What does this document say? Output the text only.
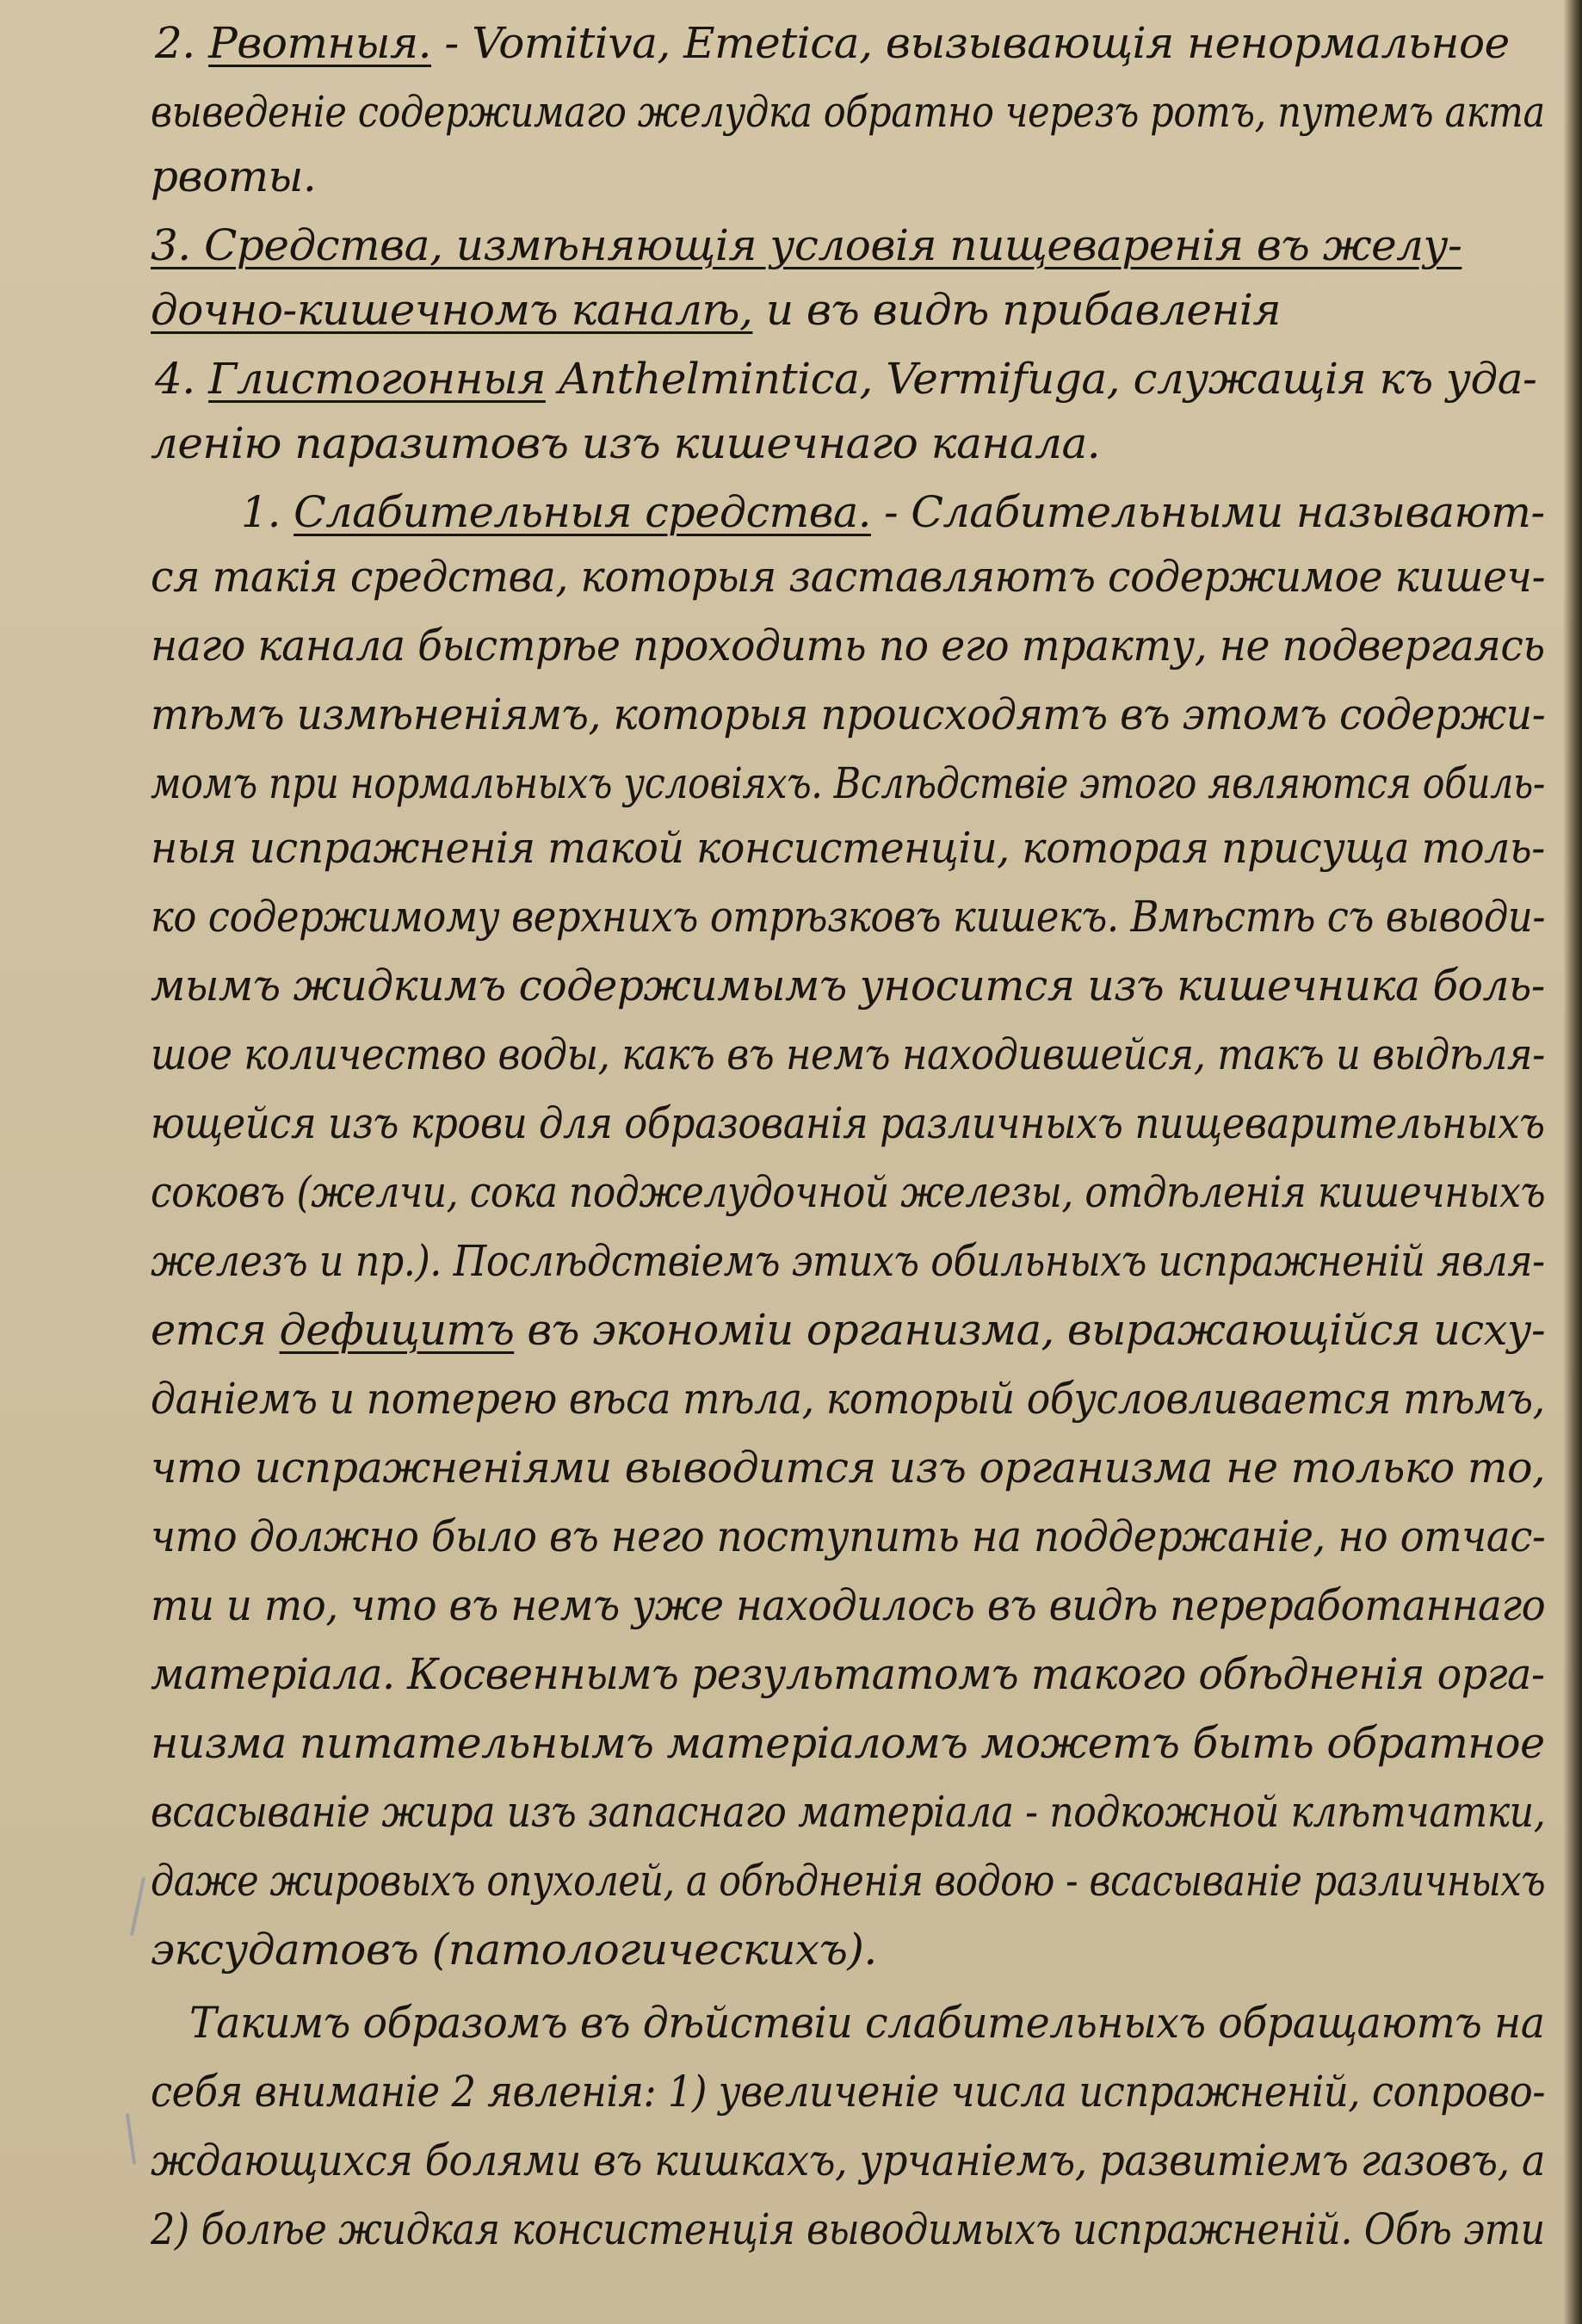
2. Рвотныя. - Vomitiva, Emetica, вызывающiя ненормальное
выведенiе содержимаго желудка обратно черезъ ротъ, путемъ акта
рвоты.
3. Средства, измѣняющiя условiя пищеваренiя въ желу-
дочно-кишечномъ каналѣ, и въ видѣ прибавленiя
4. Глистогонныя Anthelmintica, Vermifuga, служащiя къ уда-
ленiю паразитовъ изъ кишечнаго канала.
1. Слабительныя средства. - Слабительными называют-
ся такiя средства, которыя заставляютъ содержимое кишеч-
наго канала быстрѣе проходить по его тракту, не подвергаясь
тѣмъ измѣненiямъ, которыя происходятъ въ этомъ содержи-
момъ при нормальныхъ условiяхъ. Вслѣдствiе этого являются обиль-
ныя испражненiя такой консистенцiи, которая присуща толь-
ко содержимому верхнихъ отрѣзковъ кишекъ. Вмѣстѣ съ выводи-
мымъ жидкимъ содержимымъ уносится изъ кишечника боль-
шое количество воды, какъ въ немъ находившейся, такъ и выдѣля-
ющейся изъ крови для образованiя различныхъ пищеварительныхъ
соковъ (желчи, сока поджелудочной железы, отдѣленiя кишечныхъ
железъ и пр.). Послѣдствiемъ этихъ обильныхъ испражненiй явля-
ется дефицитъ въ экономiи организма, выражающiйся исху-
данiемъ и потерею вѣса тѣла, который обусловливается тѣмъ,
что испражненiями выводится изъ организма не только то,
что должно было въ него поступить на поддержанiе, но отчас-
ти и то, что въ немъ уже находилось въ видѣ переработаннаго
матерiала. Косвеннымъ результатомъ такого обѣдненiя орга-
низма питательнымъ матерiаломъ можетъ быть обратное
всасыванiе жира изъ запаснаго матерiала - подкожной клѣтчатки,
даже жировыхъ опухолей, а обѣдненiя водою - всасыванiе различныхъ
эксудатовъ (патологическихъ).
Такимъ образомъ въ дѣйствiи слабительныхъ обращаютъ на
себя вниманiе 2 явленiя: 1) увеличенiе числа испражненiй, сопрово-
ждающихся болями въ кишкахъ, урчанiемъ, развитiемъ газовъ, а
2) болѣе жидкая консистенцiя выводимыхъ испражненiй. Обѣ эти
